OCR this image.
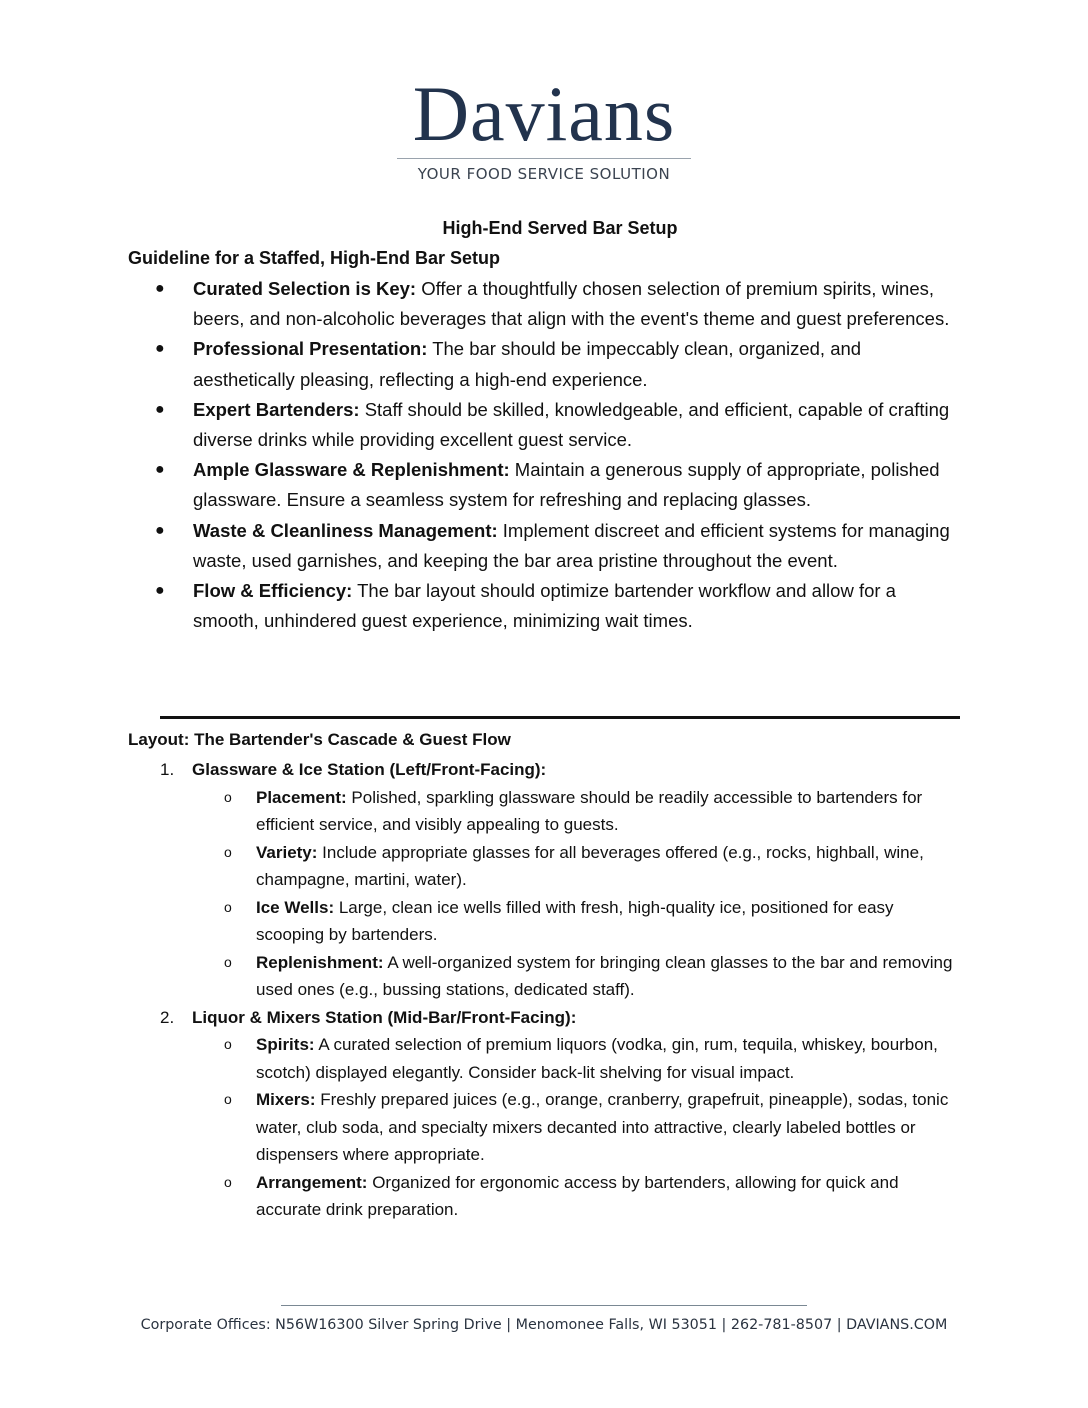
Davians
YOUR FOOD SERVICE SOLUTION
High-End Served Bar Setup
Guideline for a Staffed, High-End Bar Setup
● Curated Selection is Key: Offer a thoughtfully chosen selection of premium spirits, wines, beers, and non-alcoholic beverages that align with the event's theme and guest preferences.
● Professional Presentation: The bar should be impeccably clean, organized, and aesthetically pleasing, reflecting a high-end experience.
● Expert Bartenders: Staff should be skilled, knowledgeable, and efficient, capable of crafting diverse drinks while providing excellent guest service.
● Ample Glassware & Replenishment: Maintain a generous supply of appropriate, polished glassware. Ensure a seamless system for refreshing and replacing glasses.
● Waste & Cleanliness Management: Implement discreet and efficient systems for managing waste, used garnishes, and keeping the bar area pristine throughout the event.
● Flow & Efficiency: The bar layout should optimize bartender workflow and allow for a smooth, unhindered guest experience, minimizing wait times.
Layout: The Bartender's Cascade & Guest Flow
1. Glassware & Ice Station (Left/Front-Facing):
o Placement: Polished, sparkling glassware should be readily accessible to bartenders for efficient service, and visibly appealing to guests.
o Variety: Include appropriate glasses for all beverages offered (e.g., rocks, highball, wine, champagne, martini, water).
o Ice Wells: Large, clean ice wells filled with fresh, high-quality ice, positioned for easy scooping by bartenders.
o Replenishment: A well-organized system for bringing clean glasses to the bar and removing used ones (e.g., bussing stations, dedicated staff).
2. Liquor & Mixers Station (Mid-Bar/Front-Facing):
o Spirits: A curated selection of premium liquors (vodka, gin, rum, tequila, whiskey, bourbon, scotch) displayed elegantly. Consider back-lit shelving for visual impact.
o Mixers: Freshly prepared juices (e.g., orange, cranberry, grapefruit, pineapple), sodas, tonic water, club soda, and specialty mixers decanted into attractive, clearly labeled bottles or dispensers where appropriate.
o Arrangement: Organized for ergonomic access by bartenders, allowing for quick and accurate drink preparation.
Corporate Offices: N56W16300 Silver Spring Drive | Menomonee Falls, WI 53051 | 262-781-8507 | DAVIANS.COM
